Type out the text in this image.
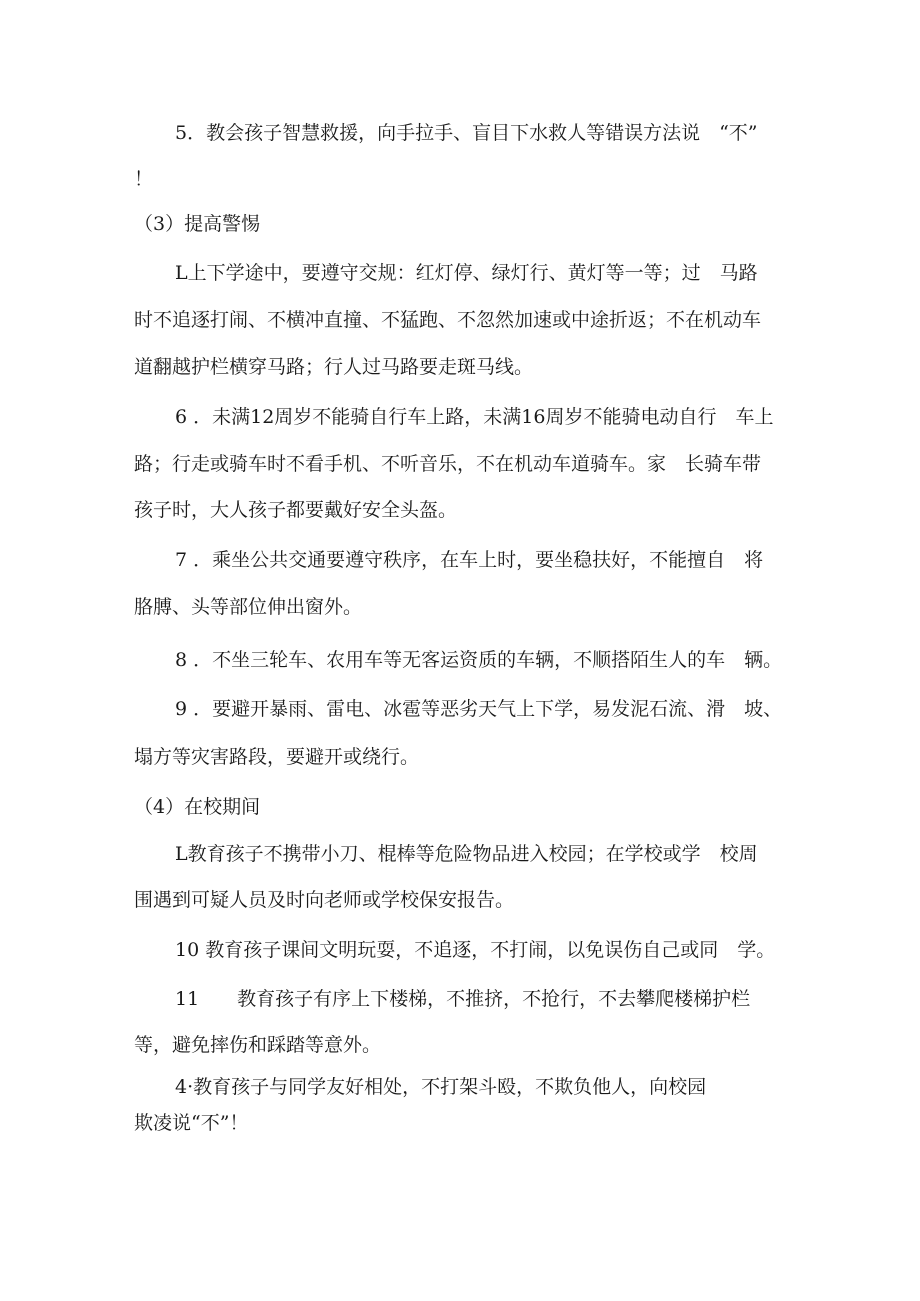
5．教会孩子智慧救援，向手拉手、盲目下水救人等错误方法说　“不”
！
（3）提高警惕
L上下学途中，要遵守交规：红灯停、绿灯行、黄灯等一等；过　马路
时不追逐打闹、不横冲直撞、不猛跑、不忽然加速或中途折返；不在机动车
道翻越护栏横穿马路；行人过马路要走斑马线。
6 ．未满12周岁不能骑自行车上路，未满16周岁不能骑电动自行　车上
路；行走或骑车时不看手机、不听音乐，不在机动车道骑车。家　长骑车带
孩子时，大人孩子都要戴好安全头盔。
7 ．乘坐公共交通要遵守秩序，在车上时，要坐稳扶好，不能擅自　将
胳膊、头等部位伸出窗外。
8 ．不坐三轮车、农用车等无客运资质的车辆，不顺搭陌生人的车　辆。
9 ．要避开暴雨、雷电、冰雹等恶劣天气上下学，易发泥石流、滑　坡、
塌方等灾害路段，要避开或绕行。
（4）在校期间
L教育孩子不携带小刀、棍棒等危险物品进入校园；在学校或学　校周
围遇到可疑人员及时向老师或学校保安报告。
10 教育孩子课间文明玩耍，不追逐，不打闹，以免误伤自己或同　学。
11　　教育孩子有序上下楼梯，不推挤，不抢行，不去攀爬楼梯护栏
等，避免摔伤和踩踏等意外。
4·教育孩子与同学友好相处，不打架斗殴，不欺负他人，向校园
欺凌说“不”！
